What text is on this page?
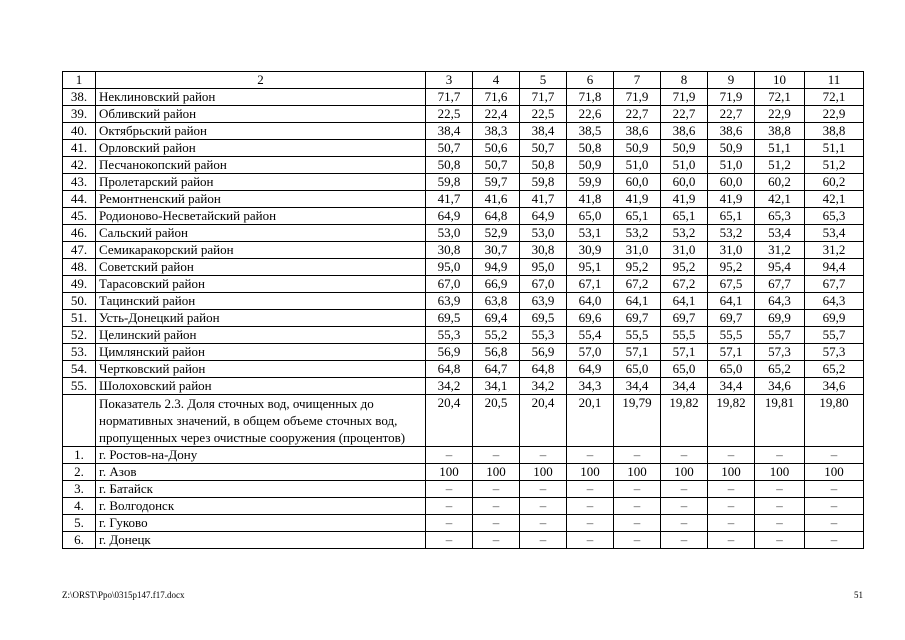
1	2	3	4	5	6	7	8	9	10	11
38.	Неклиновский район	71,7	71,6	71,7	71,8	71,9	71,9	71,9	72,1	72,1
39.	Обливский район	22,5	22,4	22,5	22,6	22,7	22,7	22,7	22,9	22,9
40.	Октябрьский район	38,4	38,3	38,4	38,5	38,6	38,6	38,6	38,8	38,8
41.	Орловский район	50,7	50,6	50,7	50,8	50,9	50,9	50,9	51,1	51,1
42.	Песчанокопский район	50,8	50,7	50,8	50,9	51,0	51,0	51,0	51,2	51,2
43.	Пролетарский район	59,8	59,7	59,8	59,9	60,0	60,0	60,0	60,2	60,2
44.	Ремонтненский район	41,7	41,6	41,7	41,8	41,9	41,9	41,9	42,1	42,1
45.	Родионово-Несветайский район	64,9	64,8	64,9	65,0	65,1	65,1	65,1	65,3	65,3
46.	Сальский район	53,0	52,9	53,0	53,1	53,2	53,2	53,2	53,4	53,4
47.	Семикаракорский район	30,8	30,7	30,8	30,9	31,0	31,0	31,0	31,2	31,2
48.	Советский район	95,0	94,9	95,0	95,1	95,2	95,2	95,2	95,4	94,4
49.	Тарасовский район	67,0	66,9	67,0	67,1	67,2	67,2	67,5	67,7	67,7
50.	Тацинский район	63,9	63,8	63,9	64,0	64,1	64,1	64,1	64,3	64,3
51.	Усть-Донецкий район	69,5	69,4	69,5	69,6	69,7	69,7	69,7	69,9	69,9
52.	Целинский район	55,3	55,2	55,3	55,4	55,5	55,5	55,5	55,7	55,7
53.	Цимлянский район	56,9	56,8	56,9	57,0	57,1	57,1	57,1	57,3	57,3
54.	Чертковский район	64,8	64,7	64,8	64,9	65,0	65,0	65,0	65,2	65,2
55.	Шолоховский район	34,2	34,1	34,2	34,3	34,4	34,4	34,4	34,6	34,6
	Показатель 2.3. Доля сточных вод, очищенных до нормативных значений, в общем объеме сточных вод, пропущенных через очистные сооружения (процентов)	20,4	20,5	20,4	20,1	19,79	19,82	19,82	19,81	19,80
1.	г. Ростов-на-Дону	–	–	–	–	–	–	–	–	–
2.	г. Азов	100	100	100	100	100	100	100	100	100
3.	г. Батайск	–	–	–	–	–	–	–	–	–
4.	г. Волгодонск	–	–	–	–	–	–	–	–	–
5.	г. Гуково	–	–	–	–	–	–	–	–	–
6.	г. Донецк	–	–	–	–	–	–	–	–	–
Z:\ORST\Ppo\0315p147.f17.docx	51
